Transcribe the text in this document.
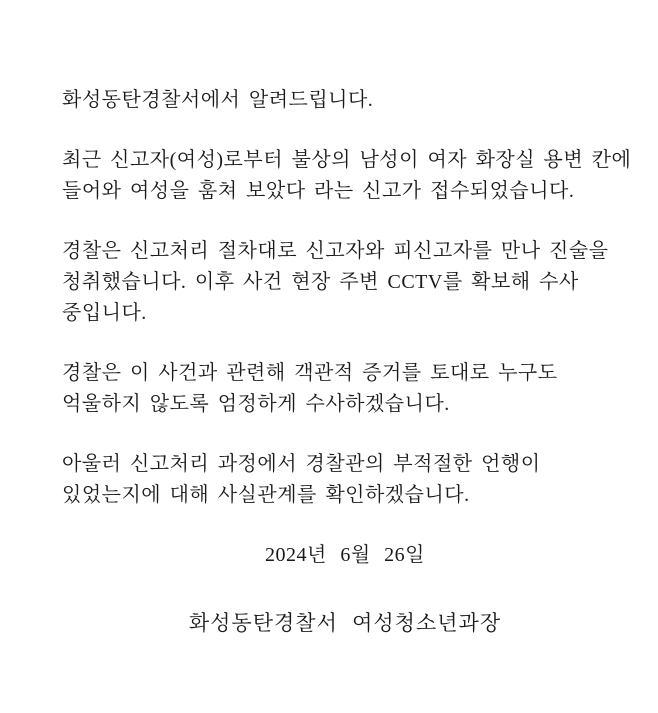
화성동탄경찰서에서 알려드립니다.
최근 신고자(여성)로부터 불상의 남성이 여자 화장실 용변 칸에
들어와 여성을 훔쳐 보았다 라는 신고가 접수되었습니다.
경찰은 신고처리 절차대로 신고자와 피신고자를 만나 진술을
청취했습니다. 이후 사건 현장 주변 CCTV를 확보해 수사
중입니다.
경찰은 이 사건과 관련해 객관적 증거를 토대로 누구도
억울하지 않도록 엄정하게 수사하겠습니다.
아울러 신고처리 과정에서 경찰관의 부적절한 언행이
있었는지에 대해 사실관계를 확인하겠습니다.
2024년 6월 26일
화성동탄경찰서 여성청소년과장
